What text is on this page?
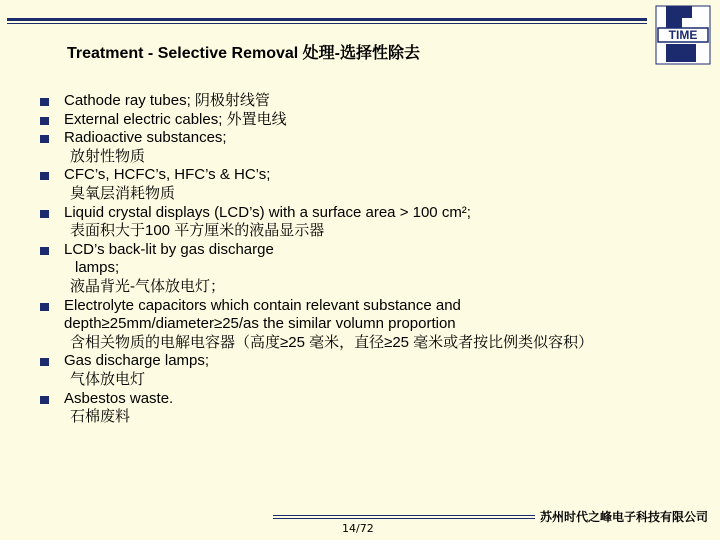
TIME
Treatment - Selective Removal 处理-选择性除去
Cathode ray tubes; 阴极射线管
External electric cables; 外置电线
Radioactive substances;
放射性物质
CFC’s, HCFC’s, HFC’s & HC’s;
臭氧层消耗物质
Liquid crystal displays (LCD’s) with a surface area > 100 cm²;
表面积大于100 平方厘米的液晶显示器
LCD’s back-lit by gas discharge
lamps;
液晶背光-气体放电灯；
Electrolyte capacitors which contain relevant substance and
depth≥25mm/diameter≥25/as the similar volumn proportion
含相关物质的电解电容器（高度≥25 毫米，直径≥25 毫米或者按比例类似容积）
Gas discharge lamps;
气体放电灯
Asbestos waste.
石棉废料
苏州时代之峰电子科技有限公司
14/72
